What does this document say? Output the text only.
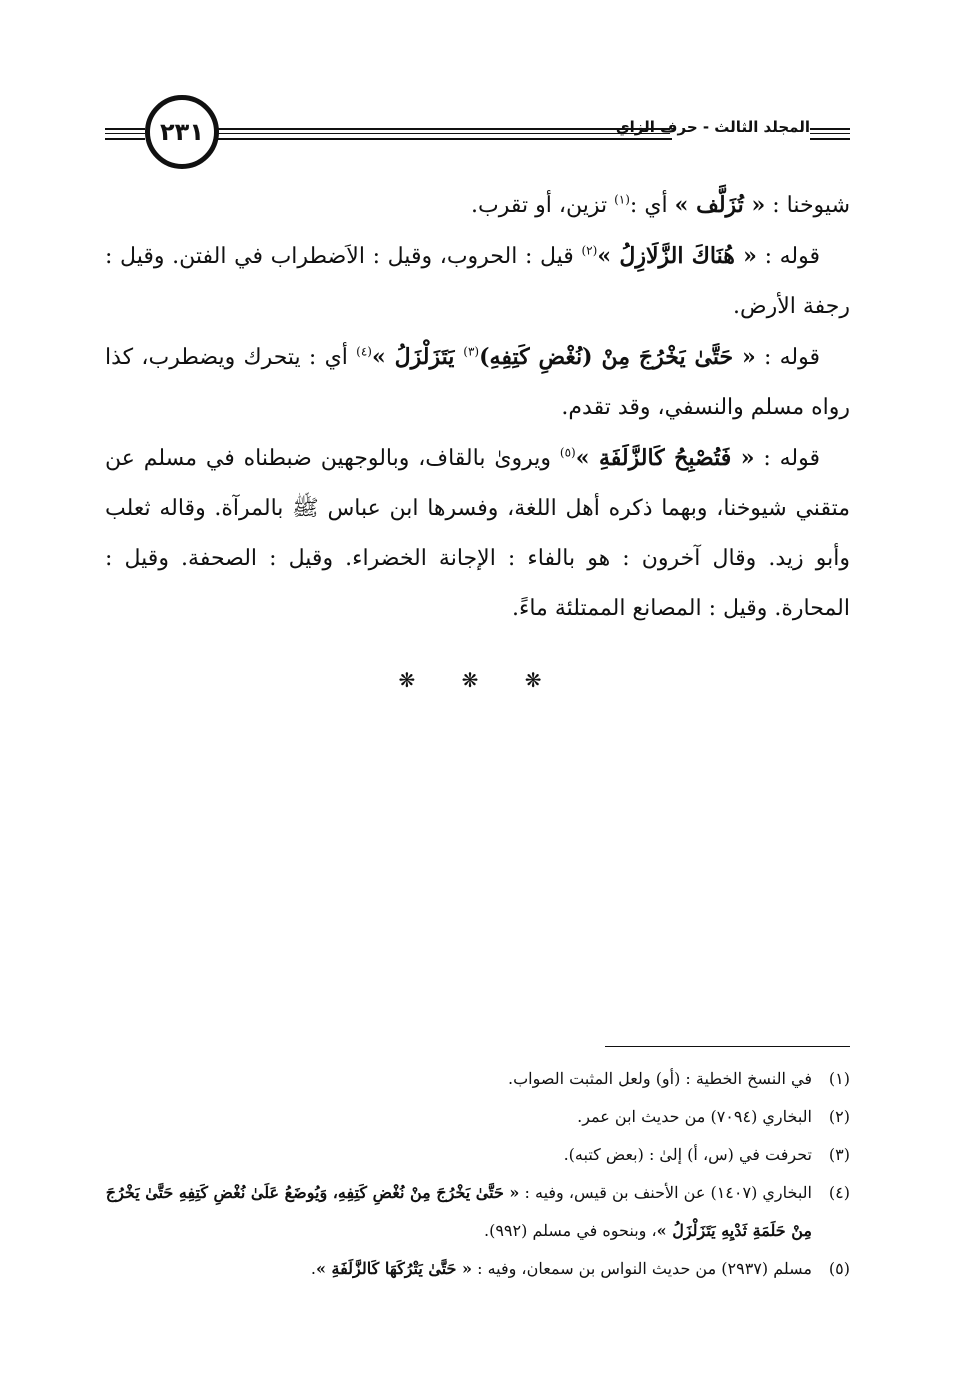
٢٣١	المجلد الثالث - حرف الزاي

شيوخنا : « تُزَلَّف » أي :$^{(١)}$ تزين، أو تقرب.

قوله : « هُنَاكَ الزَّلَازِلُ »$^{(٢)}$ قيل : الحروب، وقيل : الاَضطراب في الفتن. وقيل : رجفة الأرض.

قوله : « حَتَّىٰ يَخْرُجَ مِنْ (نُغْضِ كَتِفِهِ)$^{(٣)}$ يَتَزَلْزَلُ »$^{(٤)}$ أي : يتحرك ويضطرب، كذا رواه مسلم والنسفي، وقد تقدم.

قوله : « فَتُصْبِحُ كَالزَّلَفَةِ »$^{(٥)}$ ويروىٰ بالقاف، وبالوجهين ضبطناه في مسلم عن متقني شيوخنا، وبهما ذكره أهل اللغة، وفسرها ابن عباس ﷺ بالمرآة. وقاله ثعلب وأبو زيد. وقال آخرون : هو بالفاء : الإجانة الخضراء. وقيل : الصحفة. وقيل : المحارة. وقيل : المصانع الممتلئة ماءً.

❋ ❋ ❋

(١)
في النسخ الخطية : (أو) ولعل المثبت الصواب.

(٢)
البخاري (٧٠٩٤) من حديث ابن عمر.

(٣)
تحرفت في (س، أ) إلىٰ : (بعض كتبه).

(٤)
البخاري (١٤٠٧) عن الأحنف بن قيس، وفيه : « حَتَّىٰ يَخْرُجَ مِنْ نُغْضِ كَتِفِهِ، وَيُوضَعُ عَلَىٰ نُغْضِ كَتِفِهِ حَتَّىٰ يَخْرُجَ مِنْ حَلَمَةِ ثَدْيِهِ يَتَزَلْزَلُ »، وبنحوه في مسلم (٩٩٢).

(٥)
مسلم (٢٩٣٧) من حديث النواس بن سمعان، وفيه : « حَتَّىٰ يَتْرُكَهَا كَالزَّلَفَةِ ».
